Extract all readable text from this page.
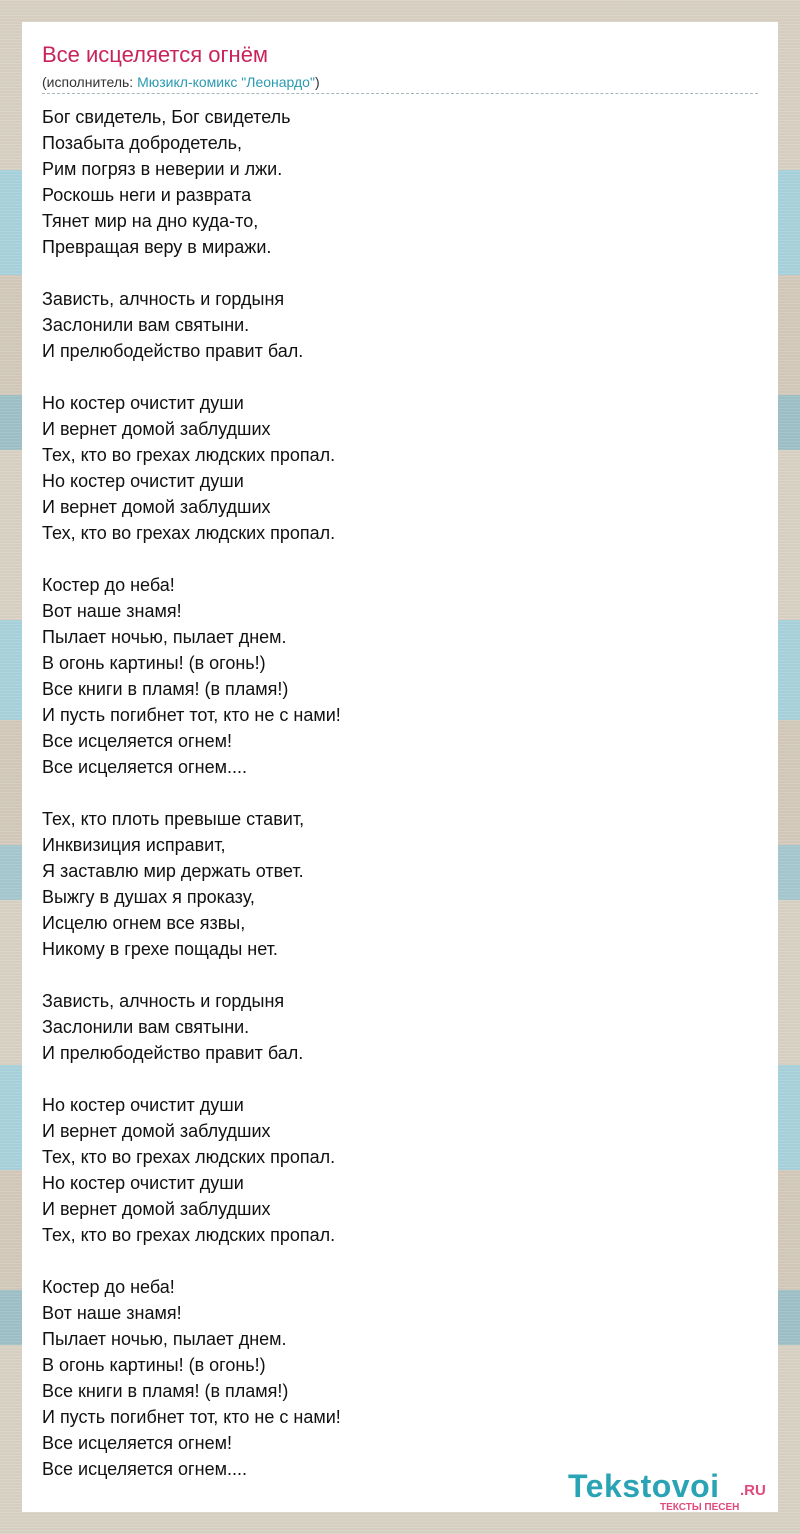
Все исцеляется огнём
(исполнитель: Мюзикл-комикс "Леонардо")
Бог свидетель, Бог свидетель
Позабыта добродетель,
Рим погряз в неверии и лжи.
Роскошь неги и разврата
Тянет мир на дно куда-то,
Превращая веру в миражи.

Зависть, алчность и гордыня
Заслонили вам святыни.
И прелюбодейство правит бал.

Но костер очистит души
И вернет домой заблудших
Тех, кто во грехах людских пропал.
Но костер очистит души
И вернет домой заблудших
Тех, кто во грехах людских пропал.

Костер до неба!
Вот наше знамя!
Пылает ночью, пылает днем.
В огонь картины! (в огонь!)
Все книги в пламя! (в пламя!)
И пусть погибнет тот, кто не с нами!
Все исцеляется огнем!
Все исцеляется огнем....

Тех, кто плоть превыше ставит,
Инквизиция исправит,
Я заставлю мир держать ответ.
Выжгу в душах я проказу,
Исцелю огнем все язвы,
Никому в грехе пощады нет.

Зависть, алчность и гордыня
Заслонили вам святыни.
И прелюбодейство правит бал.

Но костер очистит души
И вернет домой заблудших
Тех, кто во грехах людских пропал.
Но костер очистит души
И вернет домой заблудших
Тех, кто во грехах людских пропал.

Костер до неба!
Вот наше знамя!
Пылает ночью, пылает днем.
В огонь картины! (в огонь!)
Все книги в пламя! (в пламя!)
И пусть погибнет тот, кто не с нами!
Все исцеляется огнем!
Все исцеляется огнем....	Tekstovoi .RU
ТЕКСТЫ ПЕСЕН
